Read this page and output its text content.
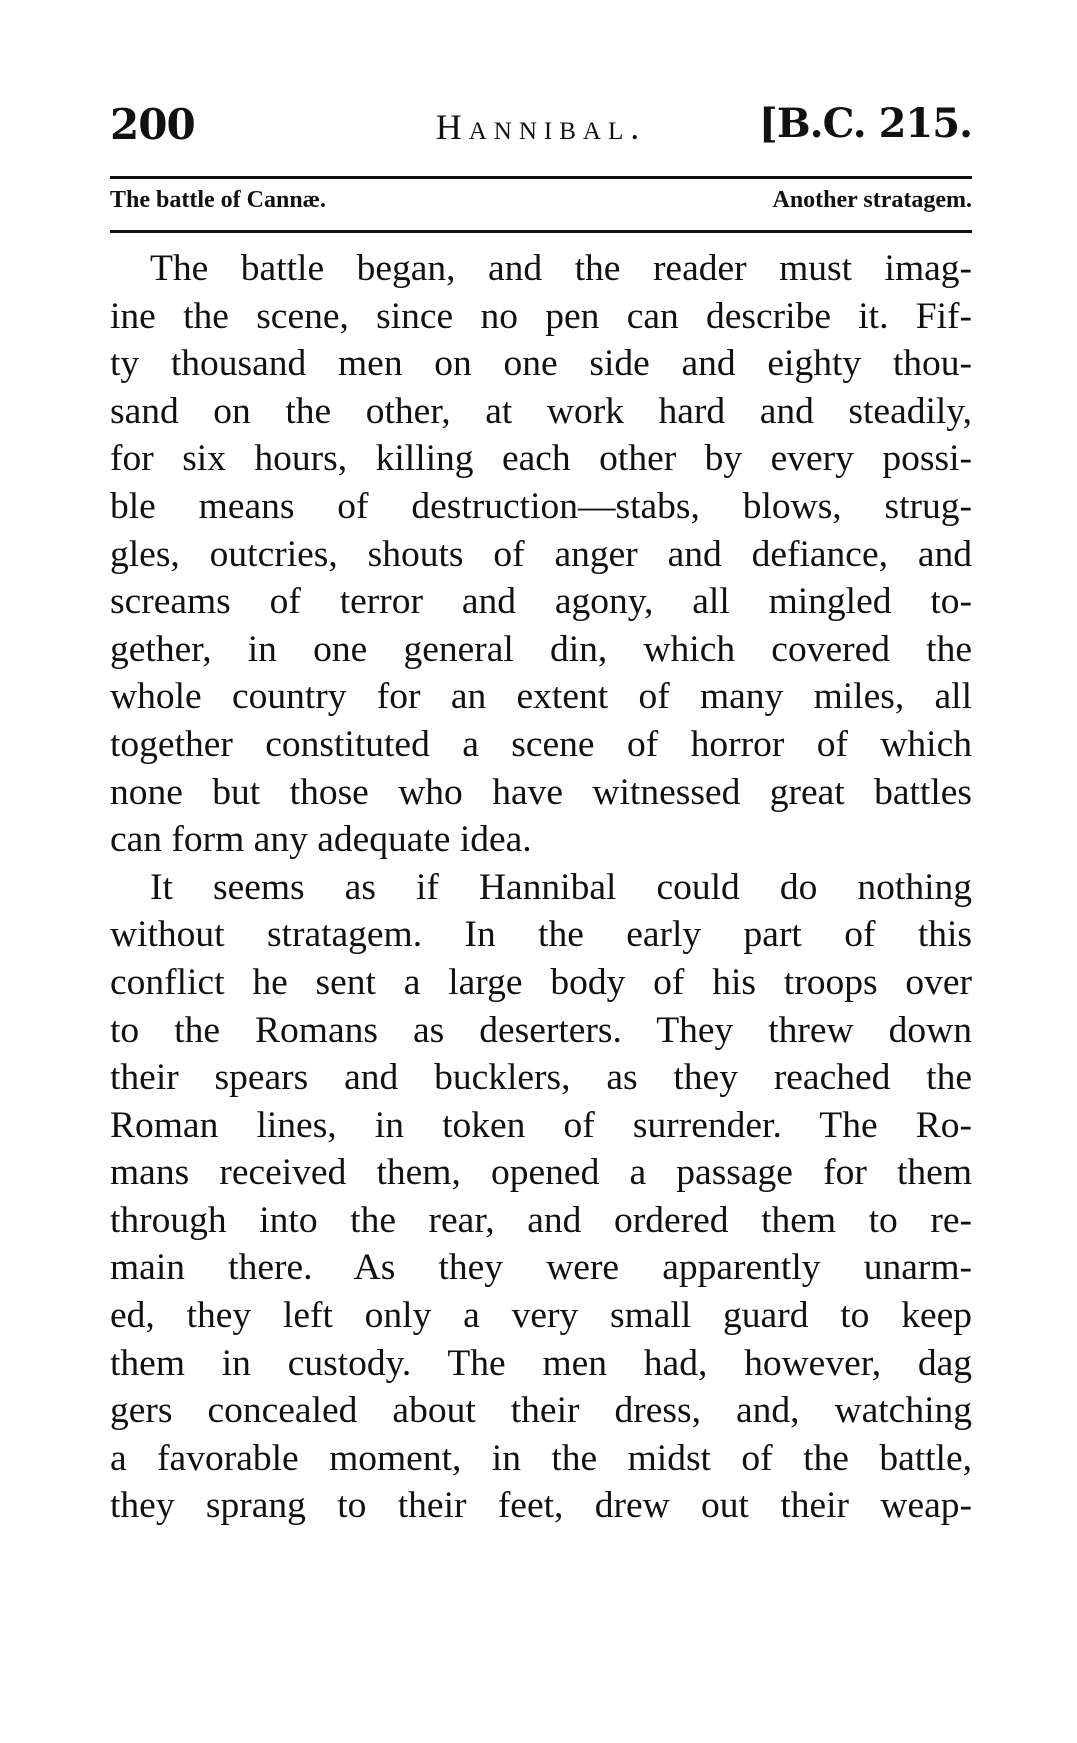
200	Hannibal.	[B.C. 215.
The battle of Cannæ.	Another stratagem.
The battle began, and the reader must imag-
ine the scene, since no pen can describe it. Fif-
ty thousand men on one side and eighty thou-
sand on the other, at work hard and steadily,
for six hours, killing each other by every possi-
ble means of destruction—stabs, blows, strug-
gles, outcries, shouts of anger and defiance, and
screams of terror and agony, all mingled to-
gether, in one general din, which covered the
whole country for an extent of many miles, all
together constituted a scene of horror of which
none but those who have witnessed great battles
can form any adequate idea.
It seems as if Hannibal could do nothing
without stratagem. In the early part of this
conflict he sent a large body of his troops over
to the Romans as deserters. They threw down
their spears and bucklers, as they reached the
Roman lines, in token of surrender. The Ro-
mans received them, opened a passage for them
through into the rear, and ordered them to re-
main there. As they were apparently unarm-
ed, they left only a very small guard to keep
them in custody. The men had, however, dag
gers concealed about their dress, and, watching
a favorable moment, in the midst of the battle,
they sprang to their feet, drew out their weap-
